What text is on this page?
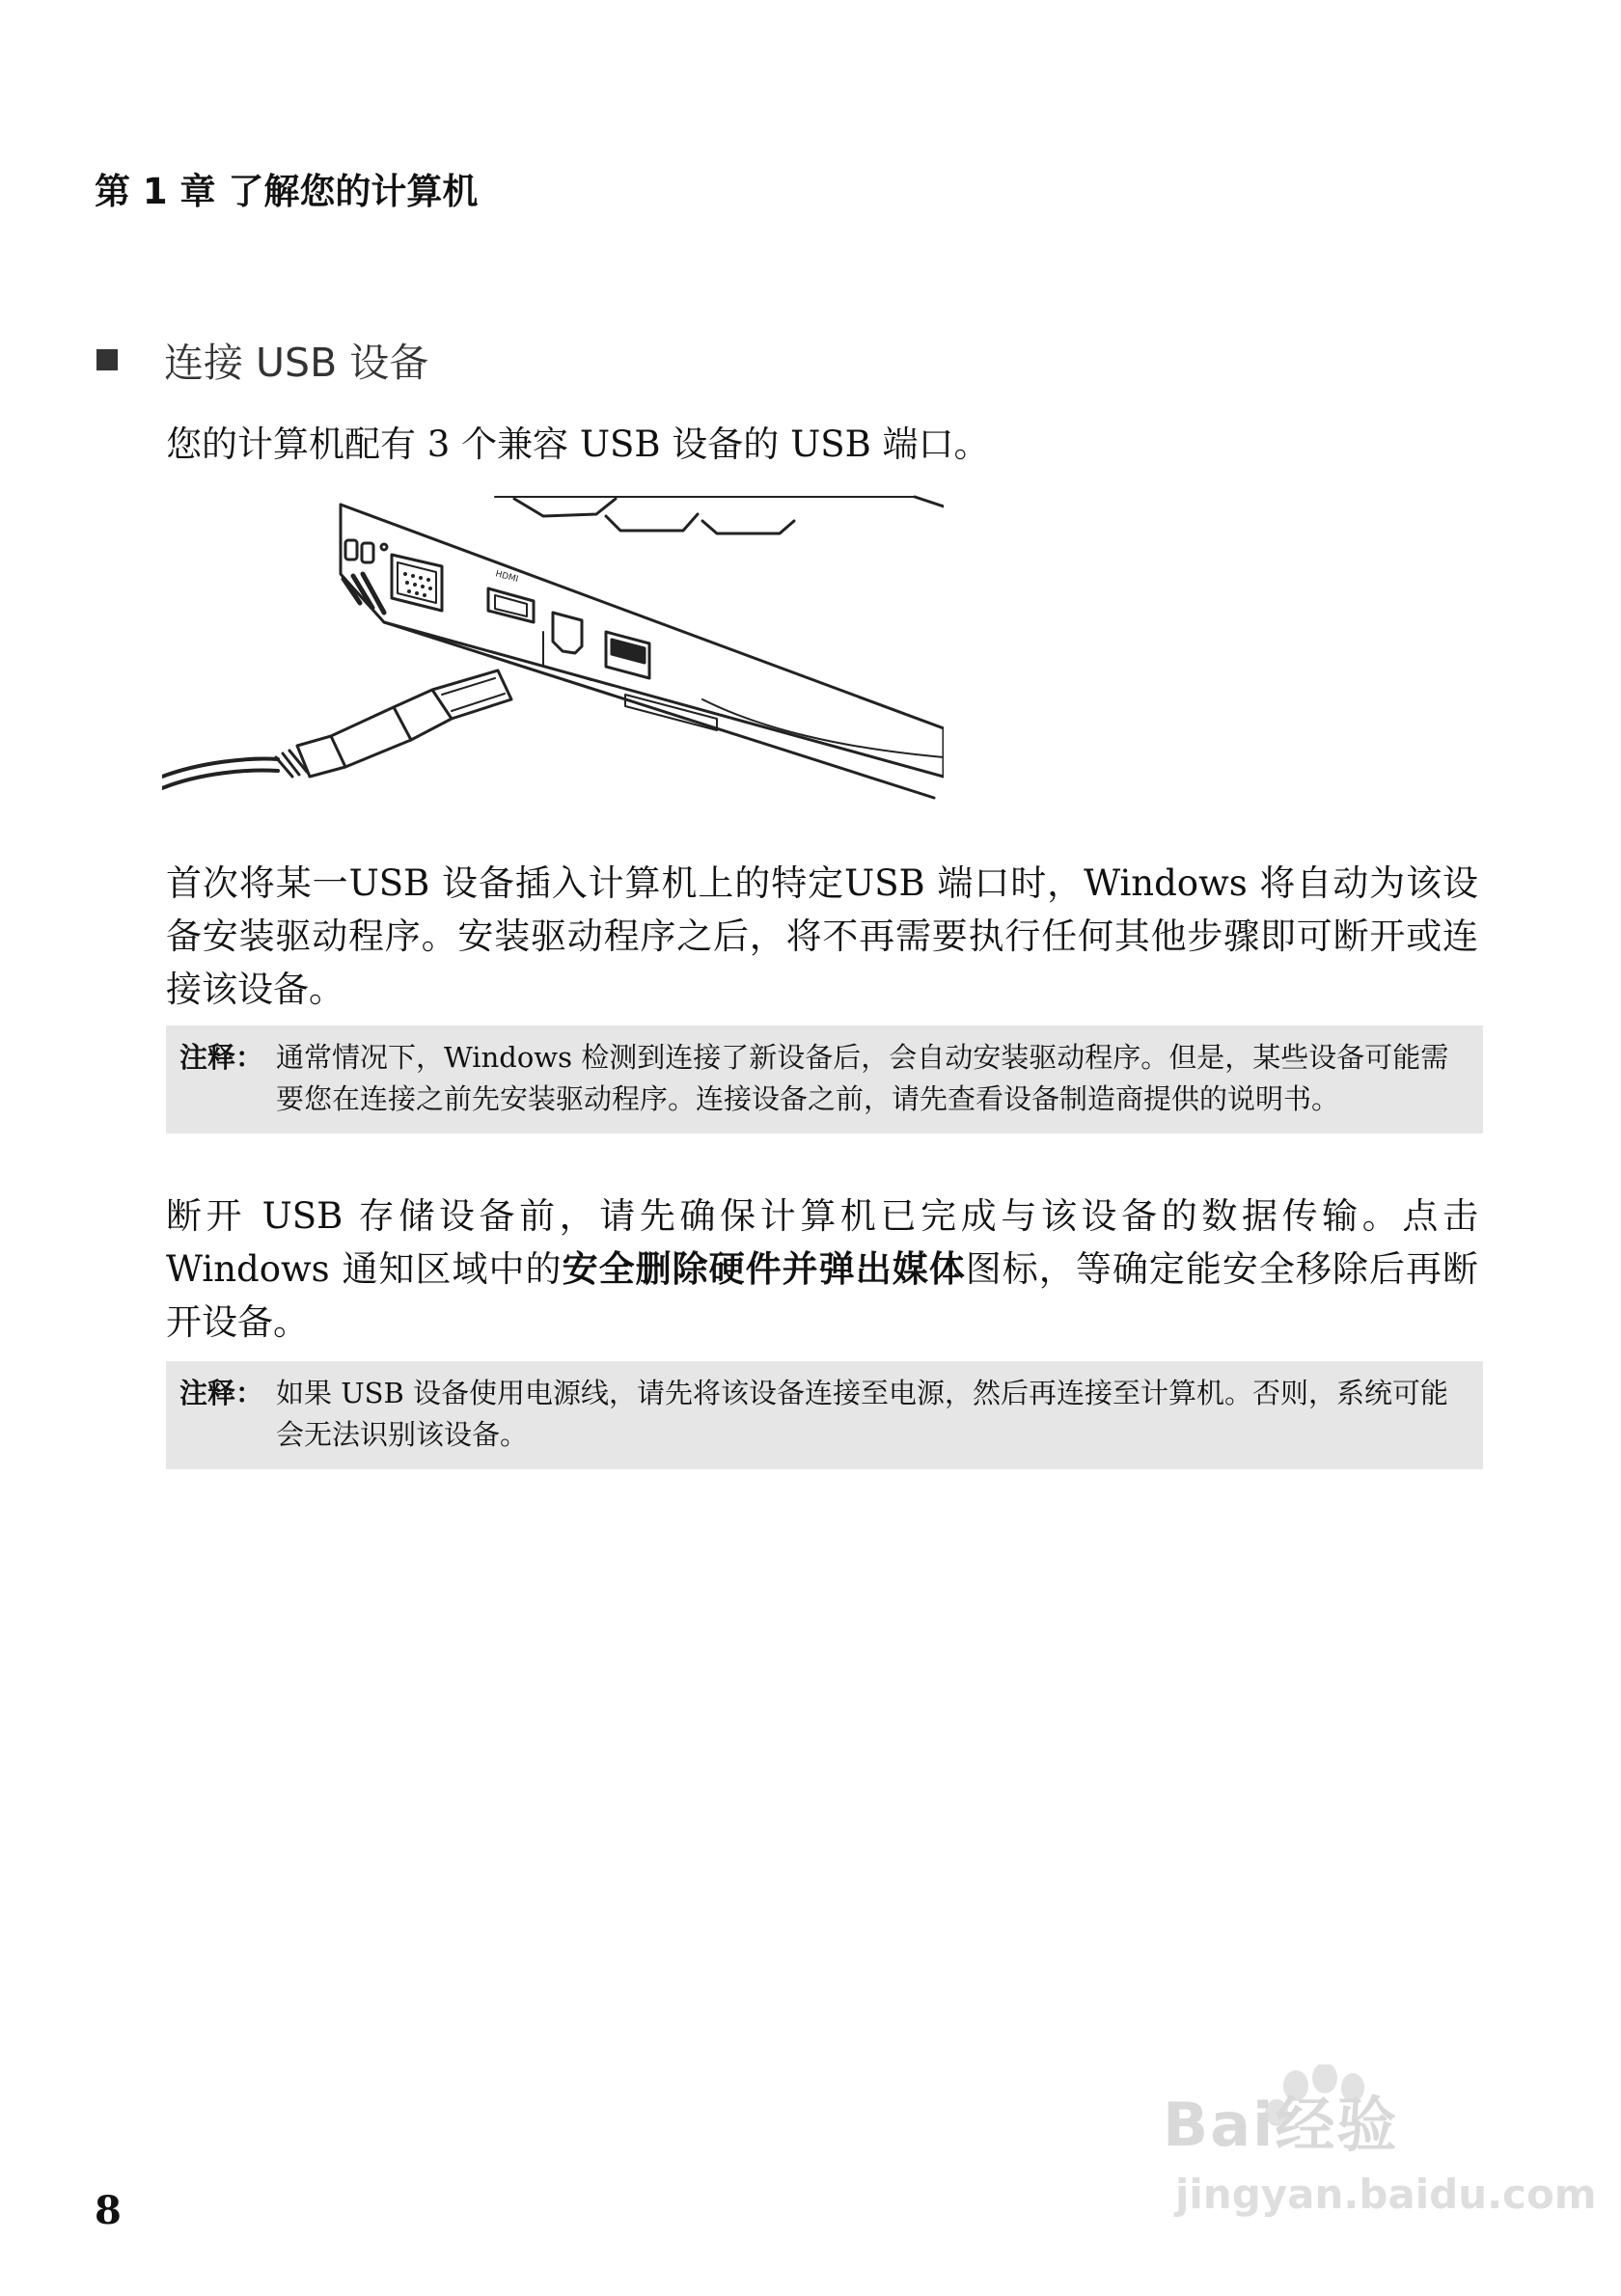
第 1 章 了解您的计算机
连接 USB 设备

您的计算机配有 3 个兼容 USB 设备的 USB 端口。

HDMI

首次将某一USB 设备插入计算机上的特定USB 端口时，Windows 将自动为该设备安装驱动程序。安装驱动程序之后，将不再需要执行任何其他步骤即可断开或连接该设备。

注释： 通常情况下，Windows 检测到连接了新设备后，会自动安装驱动程序。但是，某些设备可能需要您在连接之前先安装驱动程序。连接设备之前，请先查看设备制造商提供的说明书。

断开 USB 存储设备前，请先确保计算机已完成与该设备的数据传输。点击 Windows 通知区域中的安全删除硬件并弹出媒体图标，等确定能安全移除后再断开设备。

注释： 如果 USB 设备使用电源线，请先将该设备连接至电源，然后再连接至计算机。否则，系统可能会无法识别该设备。
8
Bai经验
jingyan.baidu.com
